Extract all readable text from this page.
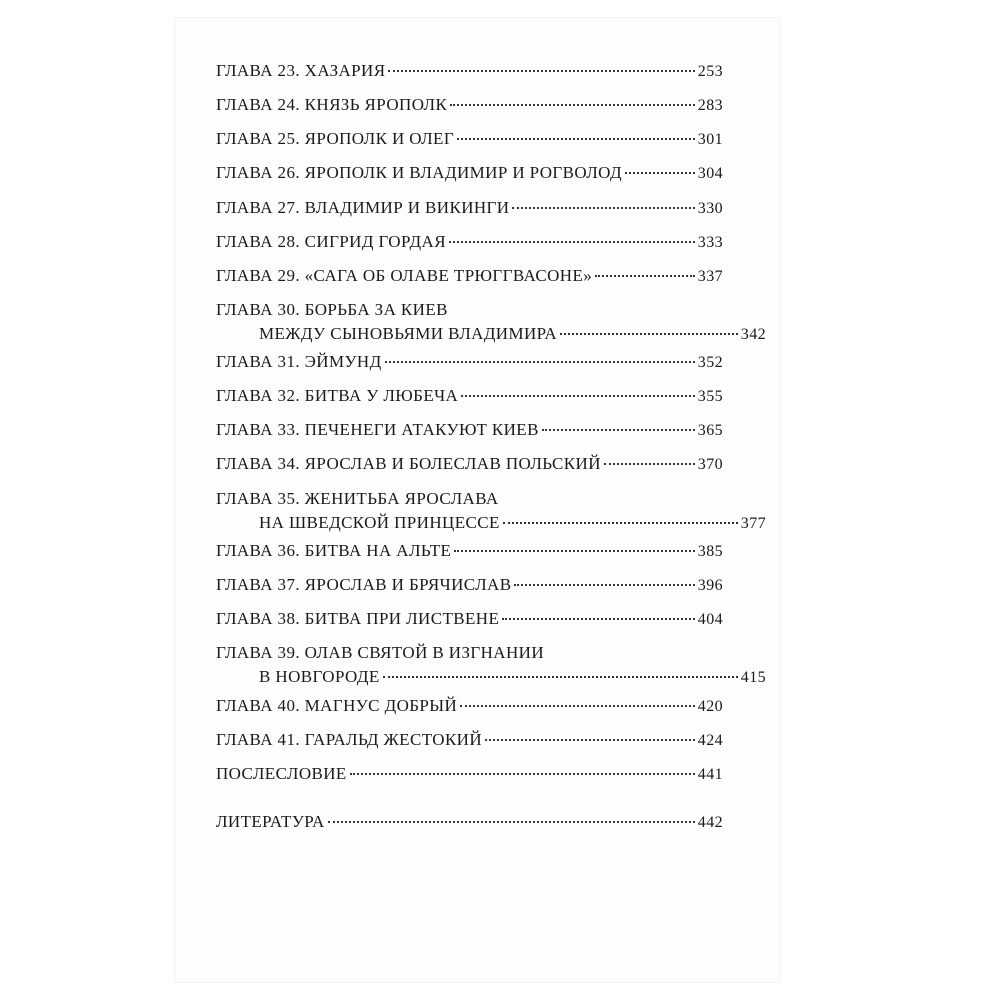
ГЛАВА 23. ХАЗАРИЯ	253
ГЛАВА 24. КНЯЗЬ ЯРОПОЛК	283
ГЛАВА 25. ЯРОПОЛК И ОЛЕГ	301
ГЛАВА 26. ЯРОПОЛК И ВЛАДИМИР И РОГВОЛОД	304
ГЛАВА 27. ВЛАДИМИР И ВИКИНГИ	330
ГЛАВА 28. СИГРИД ГОРДАЯ	333
ГЛАВА 29. «САГА ОБ ОЛАВЕ ТРЮГГВАСОНЕ»	337
ГЛАВА 30. БОРЬБА ЗА КИЕВ
МЕЖДУ СЫНОВЬЯМИ ВЛАДИМИРА	342
ГЛАВА 31. ЭЙМУНД	352
ГЛАВА 32. БИТВА У ЛЮБЕЧА	355
ГЛАВА 33. ПЕЧЕНЕГИ АТАКУЮТ КИЕВ	365
ГЛАВА 34. ЯРОСЛАВ И БОЛЕСЛАВ ПОЛЬСКИЙ	370
ГЛАВА 35. ЖЕНИТЬБА ЯРОСЛАВА
НА ШВЕДСКОЙ ПРИНЦЕССЕ	377
ГЛАВА 36. БИТВА НА АЛЬТЕ	385
ГЛАВА 37. ЯРОСЛАВ И БРЯЧИСЛАВ	396
ГЛАВА 38. БИТВА ПРИ ЛИСТВЕНЕ	404
ГЛАВА 39. ОЛАВ СВЯТОЙ В ИЗГНАНИИ
В НОВГОРОДЕ	415
ГЛАВА 40. МАГНУС ДОБРЫЙ	420
ГЛАВА 41. ГАРАЛЬД ЖЕСТОКИЙ	424
ПОСЛЕСЛОВИЕ	441
ЛИТЕРАТУРА	442
